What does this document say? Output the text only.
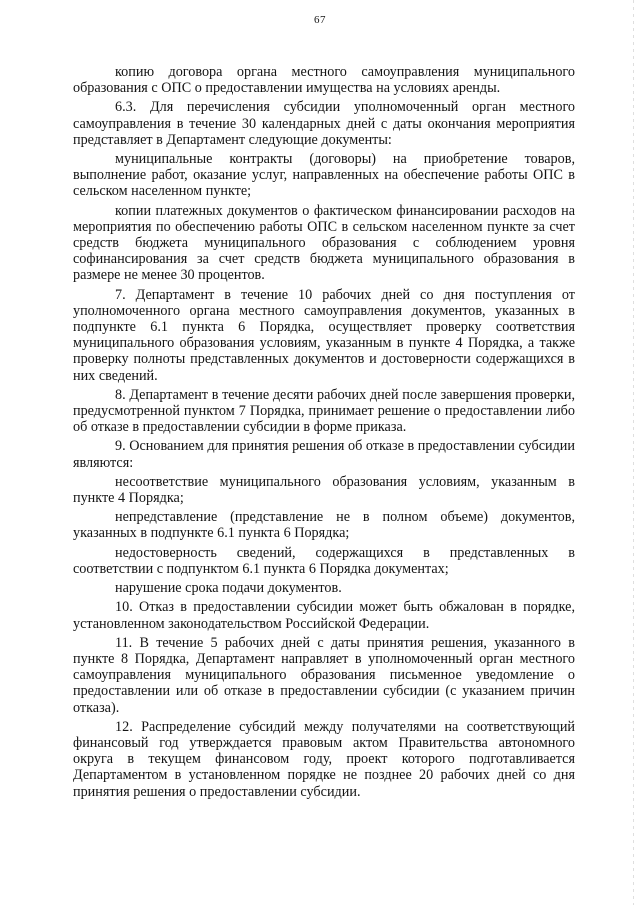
67

копию договора органа местного самоуправления муниципального образования с ОПС о предоставлении имущества на условиях аренды.

6.3. Для перечисления субсидии уполномоченный орган местного самоуправления в течение 30 календарных дней с даты окончания мероприятия представляет в Департамент следующие документы:

муниципальные контракты (договоры) на приобретение товаров, выполнение работ, оказание услуг, направленных на обеспечение работы ОПС в сельском населенном пункте;

копии платежных документов о фактическом финансировании расходов на мероприятия по обеспечению работы ОПС в сельском населенном пункте за счет средств бюджета муниципального образования с соблюдением уровня софинансирования за счет средств бюджета муниципального образования в размере не менее 30 процентов.

7. Департамент в течение 10 рабочих дней со дня поступления от уполномоченного органа местного самоуправления документов, указанных в подпункте 6.1 пункта 6 Порядка, осуществляет проверку соответствия муниципального образования условиям, указанным в пункте 4 Порядка, а также проверку полноты представленных документов и достоверности содержащихся в них сведений.

8. Департамент в течение десяти рабочих дней после завершения проверки, предусмотренной пунктом 7 Порядка, принимает решение о предоставлении либо об отказе в предоставлении субсидии в форме приказа.

9. Основанием для принятия решения об отказе в предоставлении субсидии являются:

несоответствие муниципального образования условиям, указанным в пункте 4 Порядка;

непредставление (представление не в полном объеме) документов, указанных в подпункте 6.1 пункта 6 Порядка;

недостоверность сведений, содержащихся в представленных в соответствии с подпунктом 6.1 пункта 6 Порядка документах;

нарушение срока подачи документов.

10. Отказ в предоставлении субсидии может быть обжалован в порядке, установленном законодательством Российской Федерации.

11. В течение 5 рабочих дней с даты принятия решения, указанного в пункте 8 Порядка, Департамент направляет в уполномоченный орган местного самоуправления муниципального образования письменное уведомление о предоставлении или об отказе в предоставлении субсидии (с указанием причин отказа).

12. Распределение субсидий между получателями на соответствующий финансовый год утверждается правовым актом Правительства автономного округа в текущем финансовом году, проект которого подготавливается Департаментом в установленном порядке не позднее 20 рабочих дней со дня принятия решения о предоставлении субсидии.
